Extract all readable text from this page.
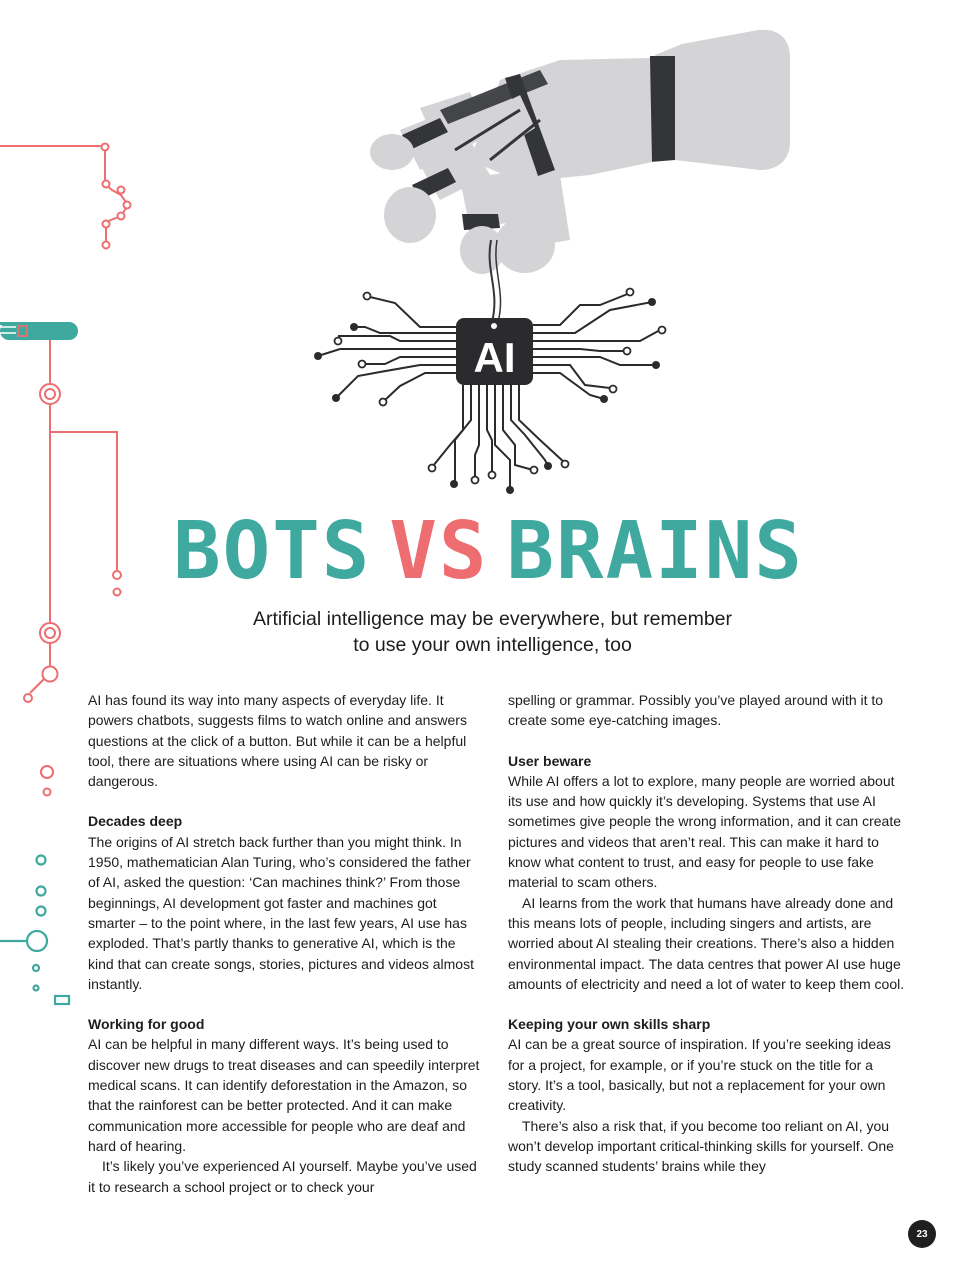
AI
BOTS VS BRAINS
Artificial intelligence may be everywhere, but remember
to use your own intelligence, too

AI has found its way into many aspects of everyday life. It powers chatbots, suggests films to watch online and answers questions at the click of a button. But while it can be a helpful tool, there are situations where using AI can be risky or dangerous.

Decades deep

The origins of AI stretch back further than you might think. In 1950, mathematician Alan Turing, who’s considered the father of AI, asked the question: ‘Can machines think?’ From those beginnings, AI development got faster and machines got smarter – to the point where, in the last few years, AI use has exploded. That’s partly thanks to generative AI, which is the kind that can create songs, stories, pictures and videos almost instantly.

Working for good

AI can be helpful in many different ways. It’s being used to discover new drugs to treat diseases and can speedily interpret medical scans. It can identify deforestation in the Amazon, so that the rainforest can be better protected. And it can make communication more accessible for people who are deaf and hard of hearing.

It’s likely you’ve experienced AI yourself. Maybe you’ve used it to research a school project or to check your

spelling or grammar. Possibly you’ve played around with it to create some eye-catching images.

User beware

While AI offers a lot to explore, many people are worried about its use and how quickly it’s developing. Systems that use AI sometimes give people the wrong information, and it can create pictures and videos that aren’t real. This can make it hard to know what content to trust, and easy for people to use fake material to scam others.

AI learns from the work that humans have already done and this means lots of people, including singers and artists, are worried about AI stealing their creations. There’s also a hidden environmental impact. The data centres that power AI use huge amounts of electricity and need a lot of water to keep them cool.

Keeping your own skills sharp

AI can be a great source of inspiration. If you’re seeking ideas for a project, for example, or if you’re stuck on the title for a story. It’s a tool, basically, but not a replacement for your own creativity.

There’s also a risk that, if you become too reliant on AI, you won’t develop important critical-thinking skills for yourself. One study scanned students’ brains while they

23
